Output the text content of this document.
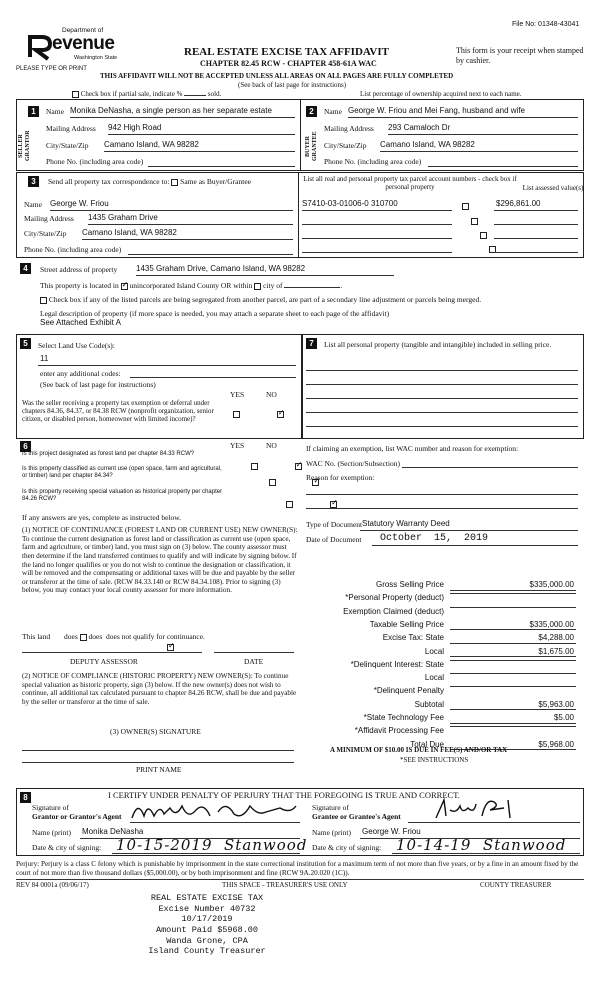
File No: 01348-43041
Department of
evenue
Washington State
PLEASE TYPE OR PRINT
REAL ESTATE EXCISE TAX AFFIDAVIT
CHAPTER 82.45 RCW - CHAPTER 458-61A WAC
This form is your receipt when stamped by cashier.
THIS AFFIDAVIT WILL NOT BE ACCEPTED UNLESS ALL AREAS ON ALL PAGES ARE FULLY COMPLETED
(See back of last page for instructions)
Check box if partial sale, indicate %	sold.	List percentage of ownership acquired next to each name.
1	2
SELLER GRANTOR	BUYER GRANTEE
Name Monika DeNasha, a single person as her separate estate
Mailing Address 942 High Road
City/State/Zip Camano Island, WA 98282
Phone No. (including area code)
Name George W. Friou and Mei Fang, husband and wife
Mailing Address 293 Camaloch Dr
City/State/Zip Camano Island, WA 98282
Phone No. (including area code)
3	Send all property tax correspondence to: Same as Buyer/Grantee
Name George W. Friou
Mailing Address 1435 Graham Drive
City/State/Zip Camano Island, WA 98282
Phone No. (including area code)
List all real and personal property tax parcel account numbers - check box if personal property	List assessed value(s)
S7410-03-01006-0 310700
	$296,861.00

4	Street address of property 1435 Graham Drive, Camano Island, WA 98282
This property is located in ✓ unincorporated Island County OR within city of	.
Check box if any of the listed parcels are being segregated from another parcel, are part of a secondary line adjustment or parcels being merged.
Legal description of property (if more space is needed, you may attach a separate sheet to each page of the affidavit)
See Attached Exhibit A
5	Select Land Use Code(s):
11
enter any additional codes:
(See back of last page for instructions)
YES	NO
Was the seller receiving a property tax exemption or deferral under chapters 84.36, 84.37, or 84.38 RCW (nonprofit organization, senior citizen, or disabled person, homeowner with limited income)?
✓
6	YES	NO
Is this project designated as forest land per chapter 84.33 RCW?
✓
Is this property classified as current use (open space, farm and agricultural, or timber) land per chapter 84.34?
✓
Is this property receiving special valuation as historical property per chapter 84.26 RCW?
✓
If any answers are yes, complete as instructed below.
(1) NOTICE OF CONTINUANCE (FOREST LAND OR CURRENT USE) NEW OWNER(S): To continue the current designation as forest land or classification as current use (open space, farm and agriculture, or timber) land, you must sign on (3) below. The county assessor must then determine if the land transferred continues to qualify and will indicate by signing below. If the land no longer qualifies or you do not wish to continue the designation or classification, it will be removed and the compensating or additional taxes will be due and payable by the seller or transferor at the time of sale. (RCW 84.33.140 or RCW 84.34.108). Prior to signing (3) below, you may contact your local county assessor for more information.
This land does does
✓ does not qualify for continuance.
DEPUTY ASSESSOR	DATE
(2) NOTICE OF COMPLIANCE (HISTORIC PROPERTY) NEW OWNER(S): To continue special valuation as historic property, sign (3) below. If the new owner(s) does not wish to continue, all additional tax calculated pursuant to chapter 84.26 RCW, shall be due and payable by the seller or transferor at the time of sale.
(3) OWNER(S) SIGNATURE
PRINT NAME
7	List all personal property (tangible and intangible) included in selling price.
If claiming an exemption, list WAC number and reason for exemption:
WAC No. (Section/Subsection)
Reason for exemption:
Type of Document Statutory Warranty Deed
Date of Document October  15,  2019
Gross Selling Price	$335,000.00
*Personal Property (deduct)
Exemption Claimed (deduct)
Taxable Selling Price	$335,000.00
Excise Tax: State	$4,288.00
Local	$1,675.00
*Delinquent Interest: State
Local
*Delinquent Penalty
Subtotal	$5,963.00
*State Technology Fee	$5.00
*Affidavit Processing Fee
Total Due	$5,968.00
A MINIMUM OF $10.00 IS DUE IN FEE(S) AND/OR TAX
*SEE INSTRUCTIONS
8	I CERTIFY UNDER PENALTY OF PERJURY THAT THE FOREGOING IS TRUE AND CORRECT.
Signature of
Grantor or Grantor's Agent
Signature of
Grantee or Grantee's Agent
Name (print) Monika DeNasha	Name (print) George W. Friou
Date & city of signing: 10-15-2019  Stanwood Date & city of signing: 10-14-19  Stanwood
Perjury: Perjury is a class C felony which is punishable by imprisonment in the state correctional institution for a maximum term of not more than five years, or by a fine in an amount fixed by the court of not more than five thousand dollars ($5,000.00), or by both imprisonment and fine (RCW 9A.20.020 (1C)).
REV 84 0001a (09/06/17)	THIS SPACE - TREASURER'S USE ONLY	COUNTY TREASURER
REAL ESTATE EXCISE TAX
Excise Number 40732
10/17/2019
Amount Paid $5968.00
Wanda Grone, CPA
Island County Treasurer
